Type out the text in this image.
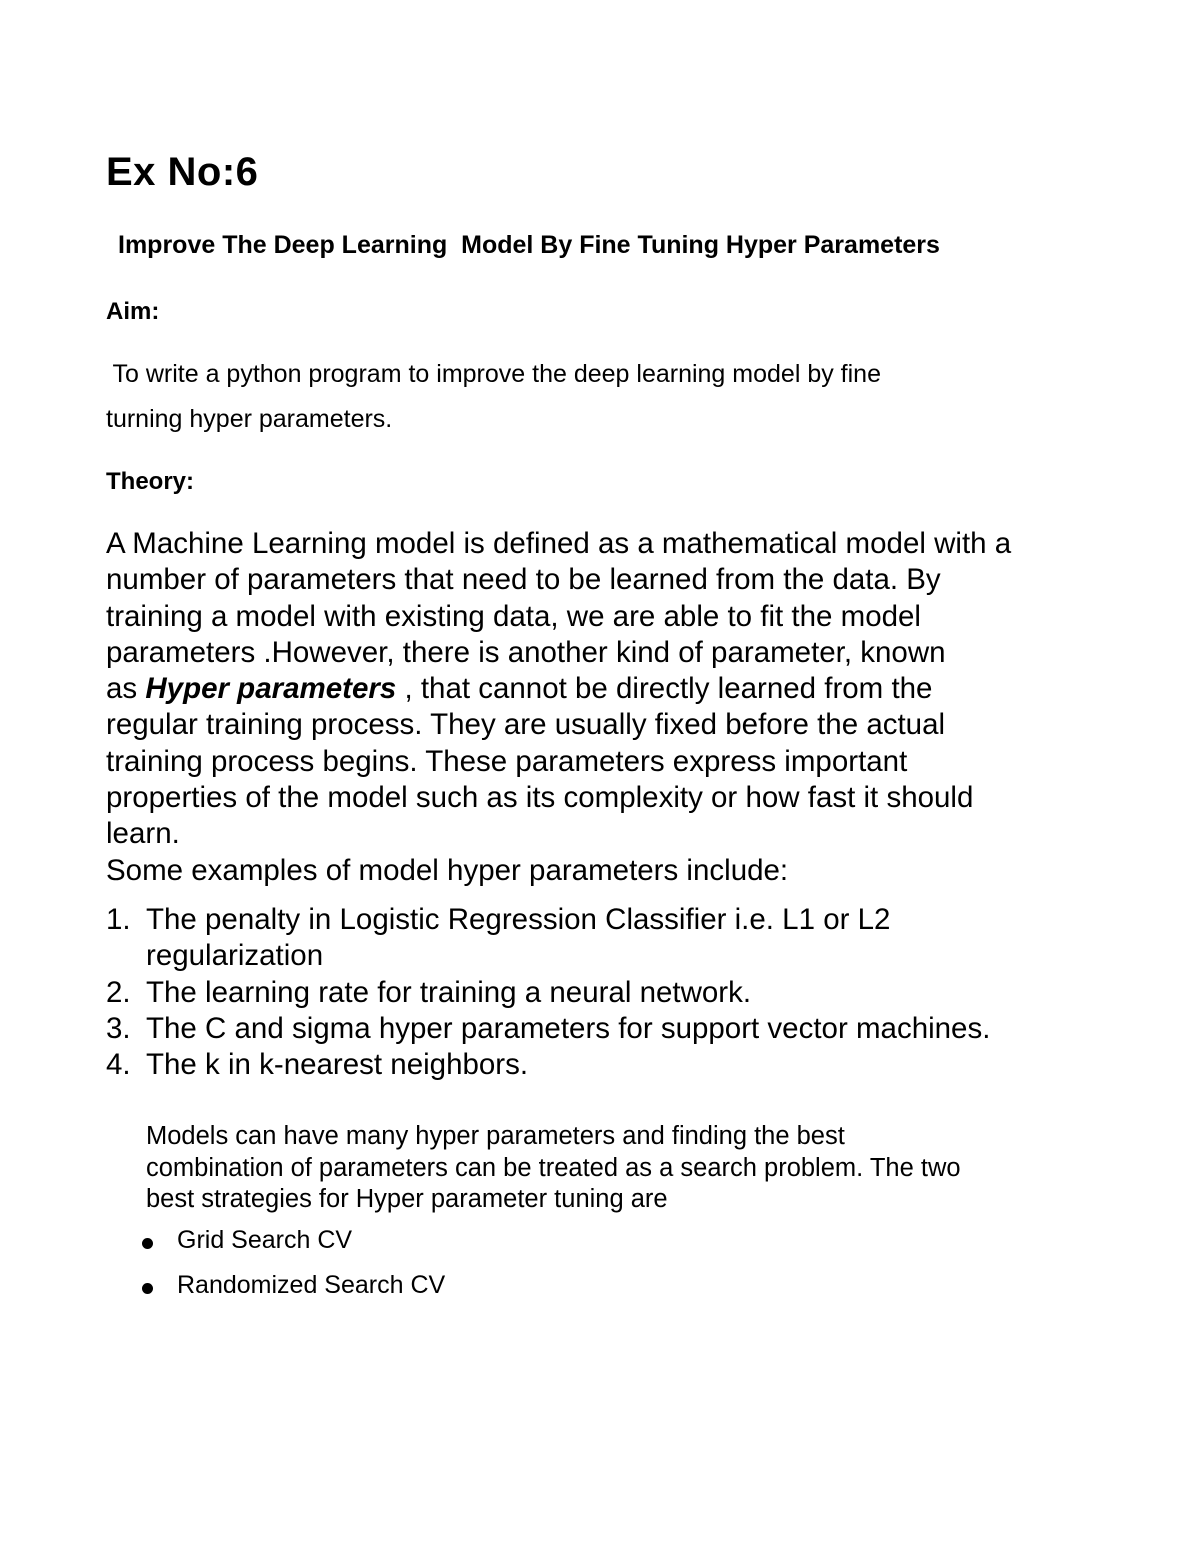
Ex No:6
Improve The Deep Learning  Model By Fine Tuning Hyper Parameters
Aim:
To write a python program to improve the deep learning model by fine
turning hyper parameters.
Theory:
A Machine Learning model is defined as a mathematical model with a
number of parameters that need to be learned from the data. By
training a model with existing data, we are able to fit the model
parameters .However, there is another kind of parameter, known
as Hyper parameters , that cannot be directly learned from the
regular training process. They are usually fixed before the actual
training process begins. These parameters express important
properties of the model such as its complexity or how fast it should
learn.
Some examples of model hyper parameters include:
1. The penalty in Logistic Regression Classifier i.e. L1 or L2
regularization
2. The learning rate for training a neural network.
3. The C and sigma hyper parameters for support vector machines.
4. The k in k-nearest neighbors.
Models can have many hyper parameters and finding the best
combination of parameters can be treated as a search problem. The two
best strategies for Hyper parameter tuning are
Grid Search CV
Randomized Search CV
